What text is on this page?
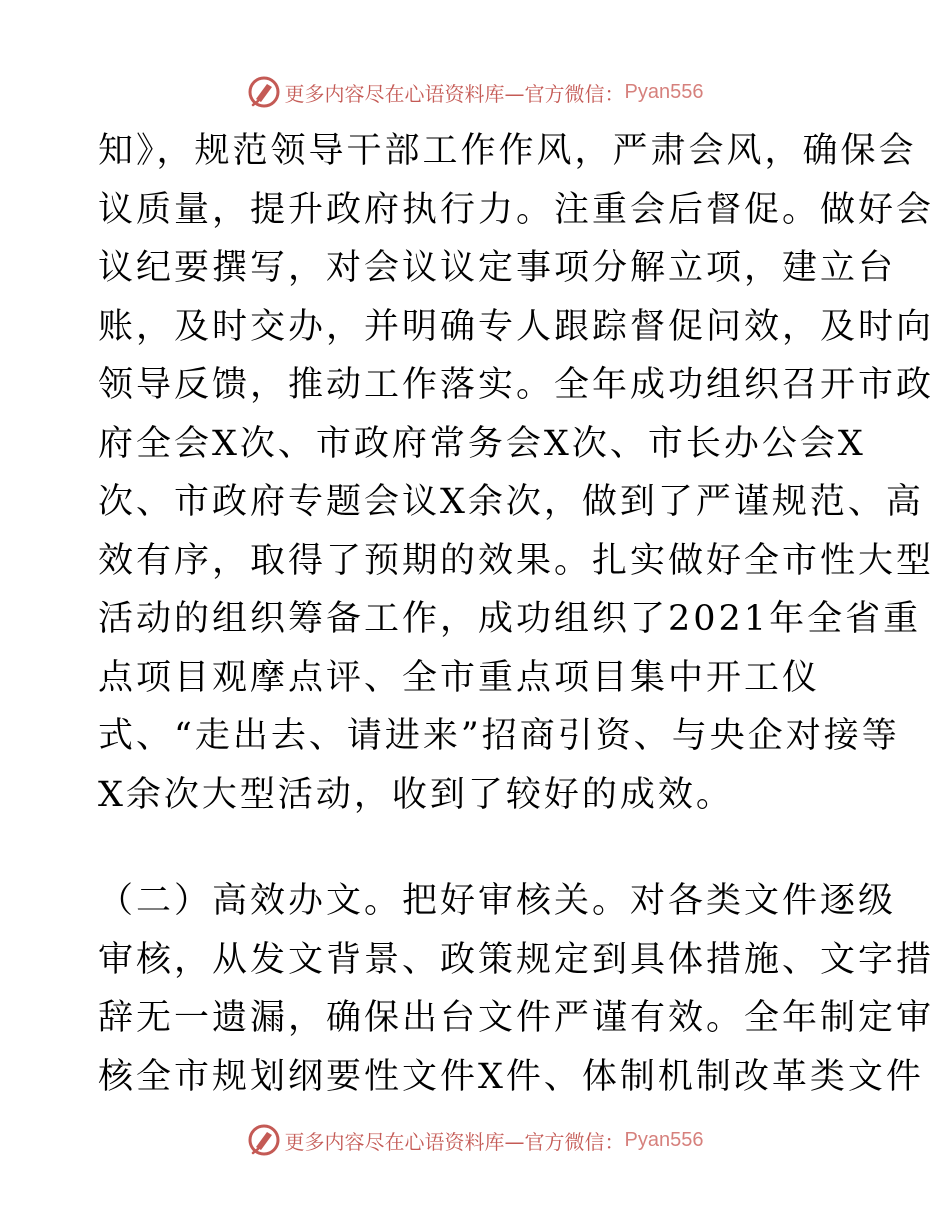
更多内容尽在心语资料库—官方微信： Pyan556
知》，规范领导干部工作作风，严肃会风，确保会
议质量，提升政府执行力。注重会后督促。做好会
议纪要撰写，对会议议定事项分解立项，建立台
账，及时交办，并明确专人跟踪督促问效，及时向
领导反馈，推动工作落实。全年成功组织召开市政
府全会X次、市政府常务会X次、市长办公会X
次、市政府专题会议X余次，做到了严谨规范、高
效有序，取得了预期的效果。扎实做好全市性大型
活动的组织筹备工作，成功组织了2021年全省重
点项目观摩点评、全市重点项目集中开工仪
式、“走出去、请进来”招商引资、与央企对接等
X余次大型活动，收到了较好的成效。
（二）高效办文。把好审核关。对各类文件逐级
审核，从发文背景、政策规定到具体措施、文字措
辞无一遗漏，确保出台文件严谨有效。全年制定审
核全市规划纲要性文件X件、体制机制改革类文件
更多内容尽在心语资料库—官方微信： Pyan556
